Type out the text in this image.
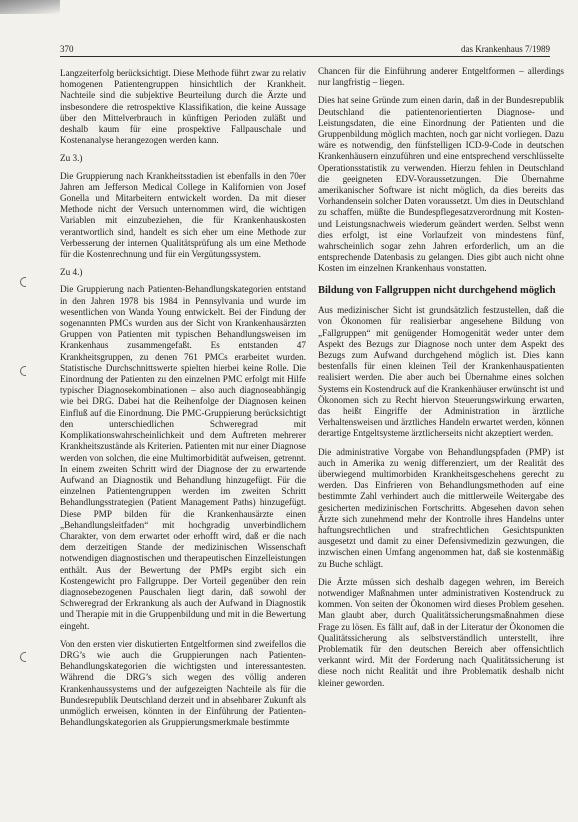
370	das Krankenhaus 7/1989

Langzeiterfolg berücksichtigt. Diese Methode führt zwar zu relativ homogenen Patientengruppen hinsichtlich der Krankheit. Nachteile sind die subjektive Beurteilung durch die Ärzte und insbesondere die retrospektive Klassifikation, die keine Aussage über den Mittelverbrauch in künftigen Perioden zuläßt und deshalb kaum für eine prospektive Fallpauschale und Kostenanalyse herangezogen werden kann.

Zu 3.)

Die Gruppierung nach Krankheitsstadien ist ebenfalls in den 70er Jahren am Jefferson Medical College in Kalifornien von Josef Gonella und Mitarbeitern entwickelt worden. Da mit dieser Methode nicht der Versuch unternommen wird, die wichtigen Variablen mit einzubeziehen, die für Krankenhauskosten verantwortlich sind, handelt es sich eher um eine Methode zur Verbesserung der internen Qualitätsprüfung als um eine Methode für die Kostenrechnung und für ein Vergütungssystem.

Zu 4.)

Die Gruppierung nach Patienten-Behandlungskategorien entstand in den Jahren 1978 bis 1984 in Pennsylvania und wurde im wesentlichen von Wanda Young entwickelt. Bei der Findung der sogenannten PMCs wurden aus der Sicht von Krankenhausärzten Gruppen von Patienten mit typischen Behandlungsweisen im Krankenhaus zusammengefaßt. Es entstanden 47 Krankheitsgruppen, zu denen 761 PMCs erarbeitet wurden. Statistische Durchschnittswerte spielten hierbei keine Rolle. Die Einordnung der Patienten zu den einzelnen PMC erfolgt mit Hilfe typischer Diagnosekombinationen – also auch diagnoseabhängig wie bei DRG. Dabei hat die Reihenfolge der Diagnosen keinen Einfluß auf die Einordnung. Die PMC-Gruppierung berücksichtigt den unterschiedlichen Schweregrad mit Komplikationswahrscheinlichkeit und dem Auftreten mehrerer Krankheitszustände als Kriterien. Patienten mit nur einer Diagnose werden von solchen, die eine Multimorbidität aufweisen, getrennt. In einem zweiten Schritt wird der Diagnose der zu erwartende Aufwand an Diagnostik und Behandlung hinzugefügt. Für die einzelnen Patientengruppen werden im zweiten Schritt Behandlungsstrategien (Patient Management Paths) hinzugefügt. Diese PMP bilden für die Krankenhausärzte einen „Behandlungsleitfaden“ mit hochgradig unverbindlichem Charakter, von dem erwartet oder erhofft wird, daß er die nach dem derzeitigen Stande der medizinischen Wissenschaft notwendigen diagnostischen und therapeutischen Einzelleistungen enthält. Aus der Bewertung der PMPs ergibt sich ein Kostengewicht pro Fallgruppe. Der Vorteil gegenüber den rein diagnosebezogenen Pauschalen liegt darin, daß sowohl der Schweregrad der Erkrankung als auch der Aufwand in Diagnostik und Therapie mit in die Gruppenbildung und mit in die Bewertung eingeht.

Von den ersten vier diskutierten Entgeltformen sind zweifellos die DRG’s wie auch die Gruppierungen nach Patienten-Behandlungskategorien die wichtigsten und interessantesten. Während die DRG’s sich wegen des völlig anderen Krankenhaussystems und der aufgezeigten Nachteile als für die Bundesrepublik Deutschland derzeit und in absehbarer Zukunft als unmöglich erweisen, könnten in der Einführung der Patienten-Behandlungskategorien als Gruppierungsmerkmale bestimmte

Chancen für die Einführung anderer Entgeltformen – allerdings nur langfristig – liegen.

Dies hat seine Gründe zum einen darin, daß in der Bundesrepublik Deutschland die patientenorientierten Diagnose- und Leistungsdaten, die eine Einordnung der Patienten und die Gruppenbildung möglich machten, noch gar nicht vorliegen. Dazu wäre es notwendig, den fünfstelligen ICD-9-Code in deutschen Krankenhäusern einzuführen und eine entsprechend verschlüsselte Operationsstatistik zu verwenden. Hierzu fehlen in Deutschland die geeigneten EDV-Voraussetzungen. Die Übernahme amerikanischer Software ist nicht möglich, da dies bereits das Vorhandensein solcher Daten voraussetzt. Um dies in Deutschland zu schaffen, müßte die Bundespflegesatzverordnung mit Kosten- und Leistungsnachweis wiederum geändert werden. Selbst wenn dies erfolgt, ist eine Vorlaufzeit von mindestens fünf, wahrscheinlich sogar zehn Jahren erforderlich, um an die entsprechende Datenbasis zu gelangen. Dies gibt auch nicht ohne Kosten im einzelnen Krankenhaus vonstatten.

Bildung von Fallgruppen nicht durchgehend möglich

Aus medizinischer Sicht ist grundsätzlich festzustellen, daß die von Ökonomen für realisierbar angesehene Bildung von „Fallgruppen“ mit genügender Homogenität weder unter dem Aspekt des Bezugs zur Diagnose noch unter dem Aspekt des Bezugs zum Aufwand durchgehend möglich ist. Dies kann bestenfalls für einen kleinen Teil der Krankenhauspatienten realisiert werden. Die aber auch bei Übernahme eines solchen Systems ein Kostendruck auf die Krankenhäuser erwünscht ist und Ökonomen sich zu Recht hiervon Steuerungswirkung erwarten, das heißt Eingriffe der Administration in ärztliche Verhaltensweisen und ärztliches Handeln erwartet werden, können derartige Entgeltsysteme ärztlicherseits nicht akzeptiert werden.

Die administrative Vorgabe von Behandlungspfaden (PMP) ist auch in Amerika zu wenig differenziert, um der Realität des überwiegend multimorbiden Krankheitsgeschehens gerecht zu werden. Das Einfrieren von Behandlungsmethoden auf eine bestimmte Zahl verhindert auch die mittlerweile Weitergabe des gesicherten medizinischen Fortschritts. Abgesehen davon sehen Ärzte sich zunehmend mehr der Kontrolle ihres Handelns unter haftungsrechtlichen und strafrechtlichen Gesichtspunkten ausgesetzt und damit zu einer Defensivmedizin gezwungen, die inzwischen einen Umfang angenommen hat, daß sie kostenmäßig zu Buche schlägt.

Die Ärzte müssen sich deshalb dagegen wehren, im Bereich notwendiger Maßnahmen unter administrativen Kostendruck zu kommen. Von seiten der Ökonomen wird dieses Problem gesehen. Man glaubt aber, durch Qualitätssicherungsmaßnahmen diese Frage zu lösen. Es fällt auf, daß in der Literatur der Ökonomen die Qualitätssicherung als selbstverständlich unterstellt, ihre Problematik für den deutschen Bereich aber offensichtlich verkannt wird. Mit der Forderung nach Qualitätssicherung ist diese noch nicht Realität und ihre Problematik deshalb nicht kleiner geworden.
